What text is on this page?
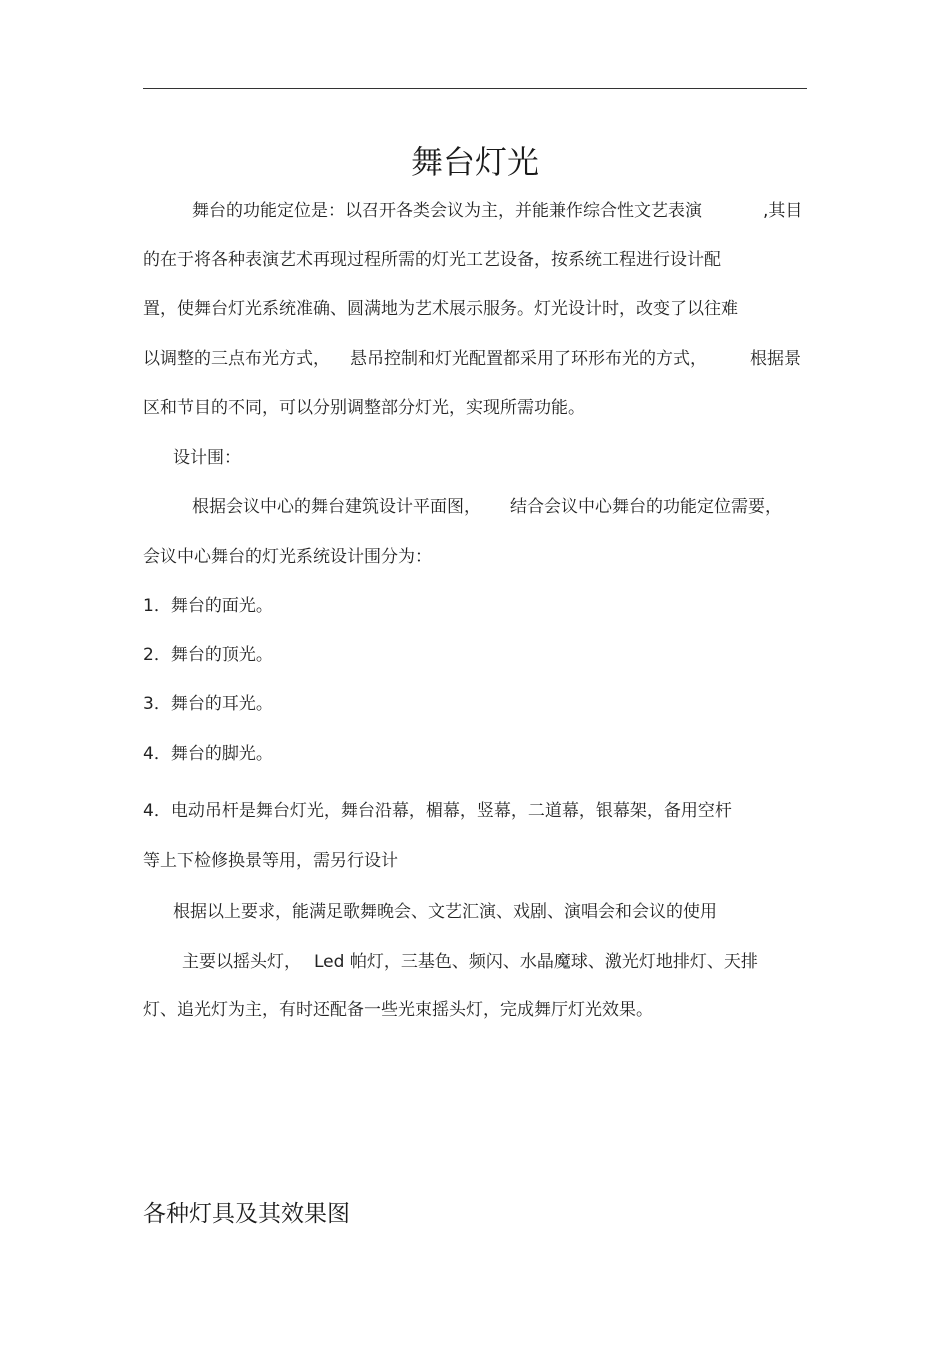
舞台灯光
舞台的功能定位是：以召开各类会议为主，并能兼作综合性文艺表演	,其目
的在于将各种表演艺术再现过程所需的灯光工艺设备，按系统工程进行设计配
置，使舞台灯光系统准确、圆满地为艺术展示服务。灯光设计时，改变了以往难
以调整的三点布光方式， 悬吊控制和灯光配置都采用了环形布光的方式，	根据景
区和节目的不同，可以分别调整部分灯光，实现所需功能。
设计围：
根据会议中心的舞台建筑设计平面图， 结合会议中心舞台的功能定位需要，
会议中心舞台的灯光系统设计围分为：
1．舞台的面光。
2．舞台的顶光。
3．舞台的耳光。
4．舞台的脚光。
4．电动吊杆是舞台灯光，舞台沿幕，楣幕，竖幕，二道幕，银幕架，备用空杆
等上下检修换景等用，需另行设计
根据以上要求，能满足歌舞晚会、文艺汇演、戏剧、演唱会和会议的使用
主要以摇头灯， Led 帕灯，三基色、频闪、水晶魔球、激光灯地排灯、天排
灯、追光灯为主，有时还配备一些光束摇头灯，完成舞厅灯光效果。
各种灯具及其效果图
